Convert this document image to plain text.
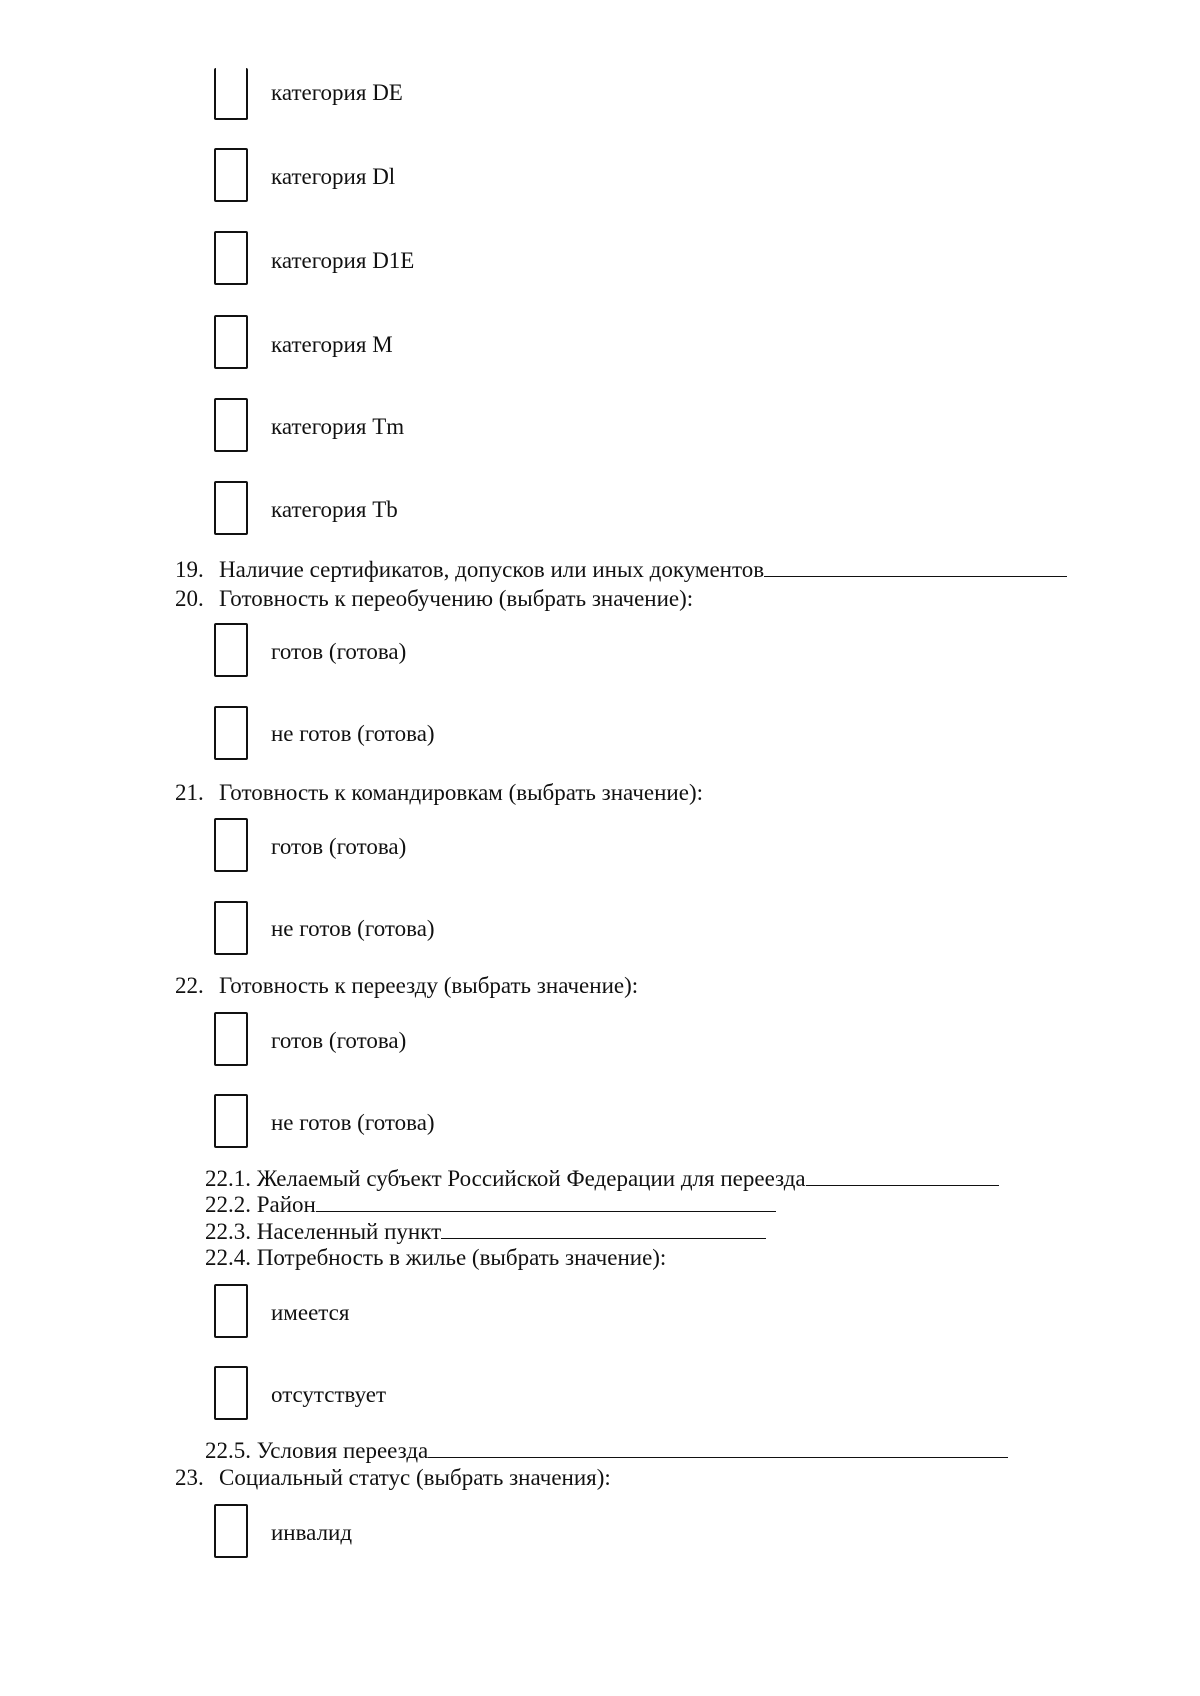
категория DE
категория Dl
категория D1E
категория M
категория Tm
категория Tb
19. Наличие сертификатов, допусков или иных документов
20. Готовность к переобучению (выбрать значение):
готов (готова)
не готов (готова)
21. Готовность к командировкам (выбрать значение):
готов (готова)
не готов (готова)
22. Готовность к переезду (выбрать значение):
готов (готова)
не готов (готова)
22.1. Желаемый субъект Российской Федерации для переезда
22.2. Район
22.3. Населенный пункт
22.4. Потребность в жилье (выбрать значение):
имеется
отсутствует
22.5. Условия переезда
23. Социальный статус (выбрать значения):
инвалид
